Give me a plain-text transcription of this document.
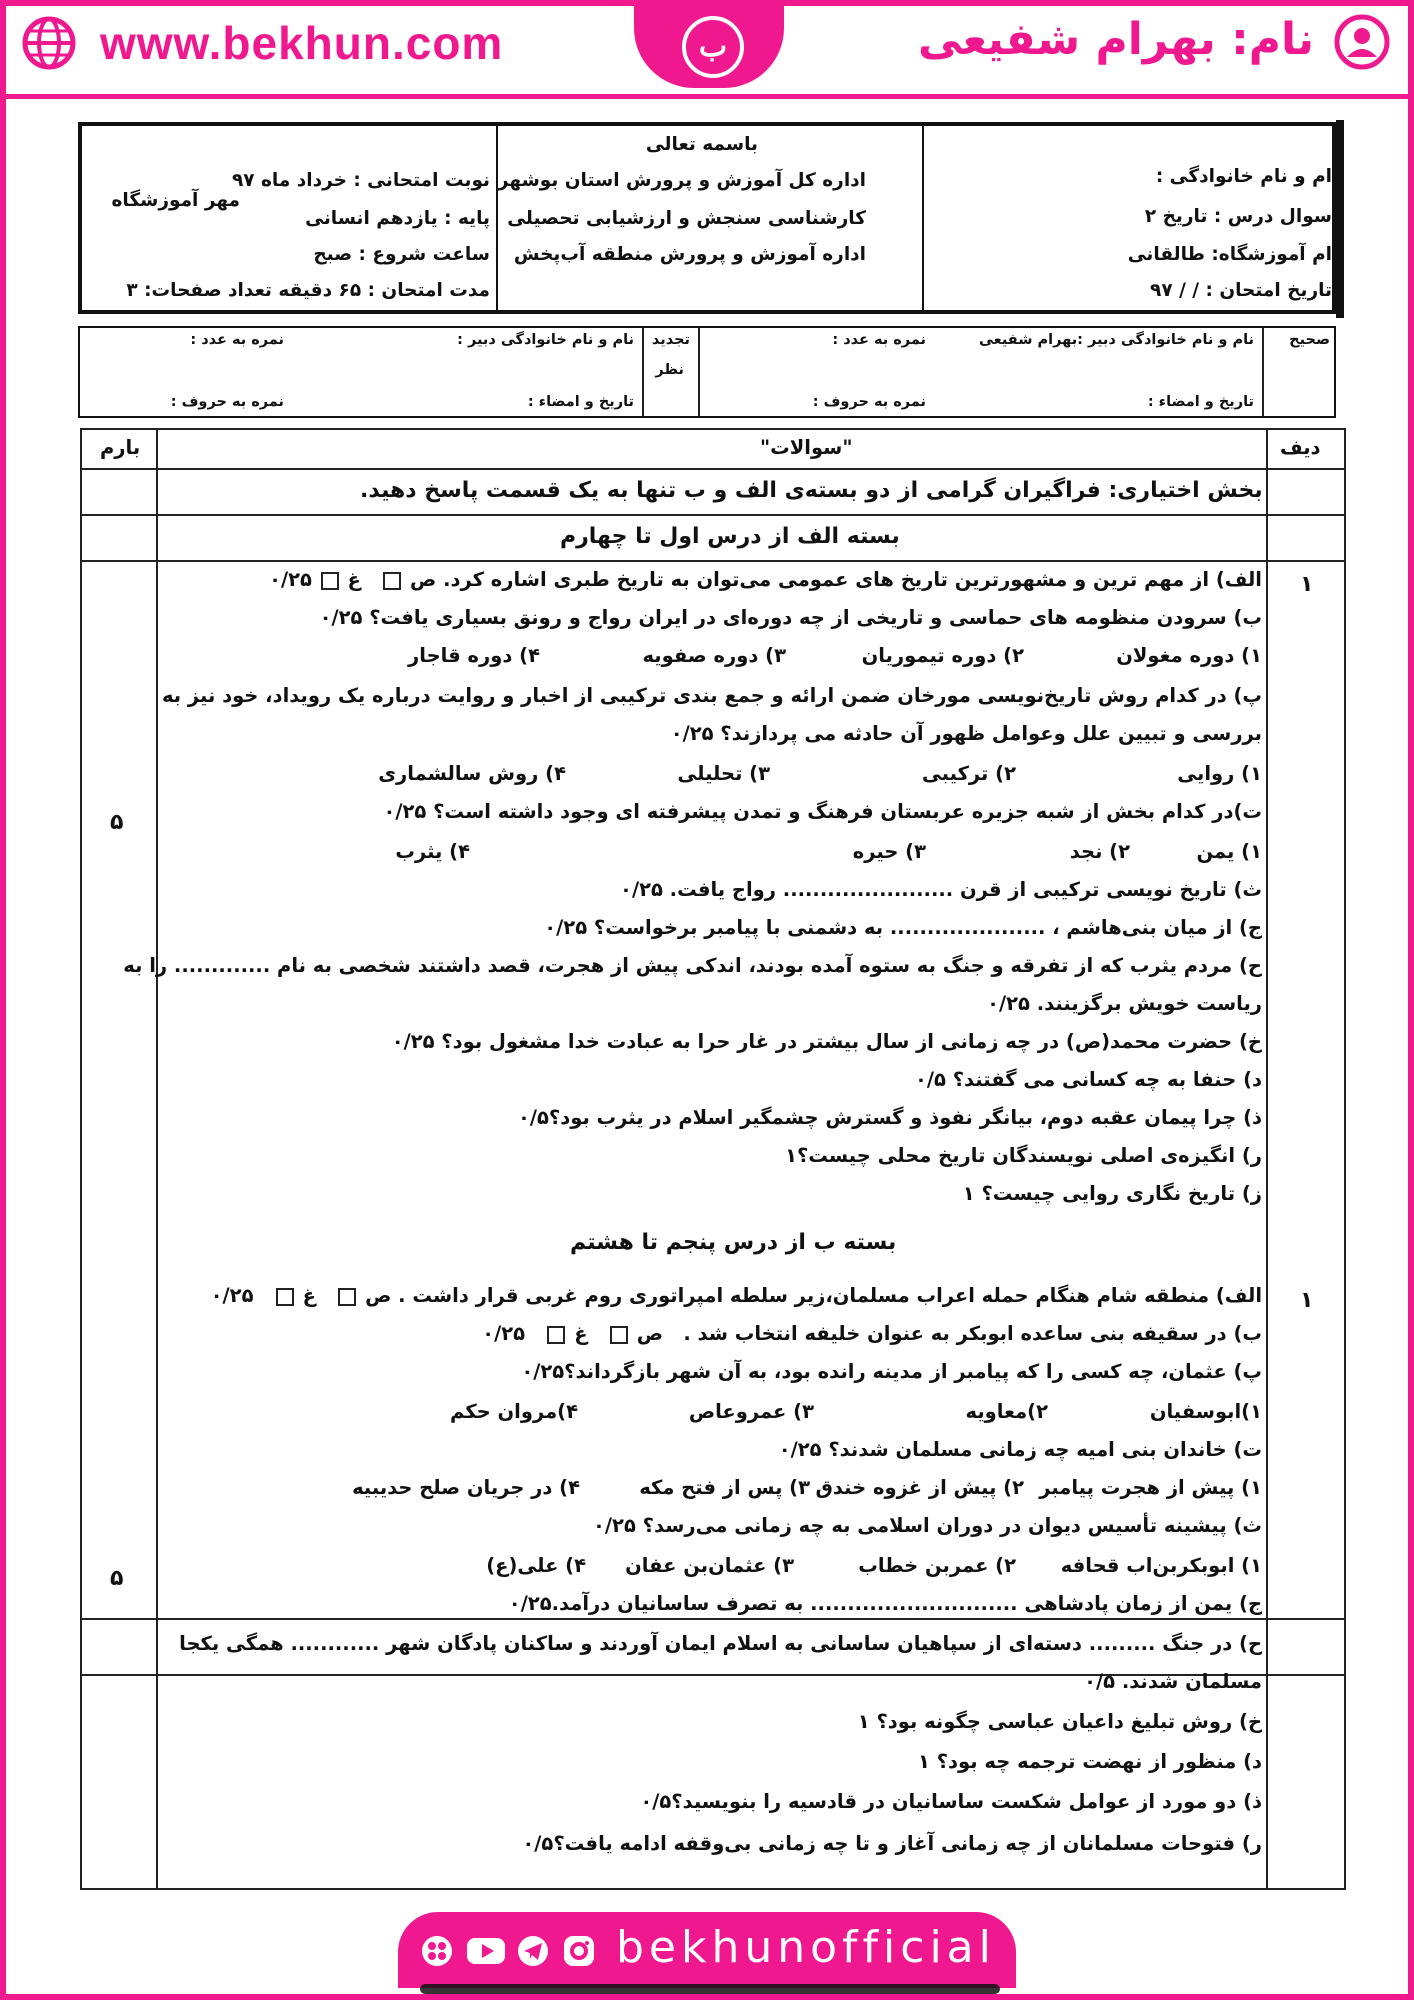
www.bekhun.com	ب	نام: بهرام شفیعی
ام و نام خانوادگی :
سوال درس : تاریخ ۲
ام آموزشگاه: طالقانی
تاریخ امتحان : / / ۹۷
باسمه تعالی
اداره کل آموزش و پرورش استان بوشهر
کارشناسی سنجش و ارزشیابی تحصیلی
اداره آموزش و پرورش منطقه آب‌پخش
نوبت امتحانی : خرداد ماه ۹۷
پایه : یازدهم انسانی
ساعت شروع : صبح
مدت امتحان : ۶۵ دقیقه تعداد صفحات: ۳
مهر آموزشگاه
صحیح
نام و نام خانوادگی دبیر :بهرام شفیعی
نمره به عدد :
تاریخ و امضاء :
نمره به حروف :
تجدید
نظر
نام و نام خانوادگی دبیر :
نمره به عدد :
تاریخ و امضاء :
نمره به حروف :
بارم	"سوالات"	دیف
بخش اختیاری: فراگیران گرامی از دو بسته‌ی الف و ب تنها به یک قسمت پاسخ دهید.
بسته الف از درس اول تا چهارم
۱
۵
الف) از مهم ترین و مشهورترین تاریخ های عمومی می‌توان به تاریخ طبری اشاره کرد. ص    غ  ۰/۲۵
ب) سرودن منظومه های حماسی و تاریخی از چه دوره‌ای در ایران رواج و رونق بسیاری یافت؟ ۰/۲۵
۱) دوره مغولان
۲) دوره تیموریان
۳) دوره صفویه
۴) دوره قاجار
پ) در کدام روش تاریخ‌نویسی مورخان ضمن ارائه و جمع بندی ترکیبی از اخبار و روایت درباره یک رویداد، خود نیز به
بررسی و تبیین علل وعوامل ظهور آن حادثه می پردازند؟ ۰/۲۵
۱) روایی
۲) ترکیبی
۳) تحلیلی
۴) روش سالشماری
ت)در کدام بخش از شبه جزیره عربستان فرهنگ و تمدن پیشرفته ای وجود داشته است؟ ۰/۲۵
۱) یمن
۲) نجد
۳) حیره
۴) یثرب
ث) تاریخ نویسی ترکیبی از قرن ....................... رواج یافت. ۰/۲۵
ج) از میان بنی‌هاشم ، ..................... به دشمنی با پیامبر برخواست؟ ۰/۲۵
ح) مردم یثرب که از تفرقه و جنگ به ستوه آمده بودند، اندکی پیش از هجرت، قصد داشتند شخصی به نام ............. را به
ریاست خویش برگزینند. ۰/۲۵
خ) حضرت محمد(ص) در چه زمانی از سال بیشتر در غار حرا به عبادت خدا مشغول بود؟ ۰/۲۵
د) حنفا به چه کسانی می گفتند؟ ۰/۵
ذ) چرا پیمان عقبه دوم، بیانگر نفوذ و گسترش چشمگیر اسلام در یثرب بود؟۰/۵
ر) انگیزه‌ی اصلی نویسندگان تاریخ محلی چیست؟۱
ز) تاریخ نگاری روایی چیست؟ ۱
بسته ب از درس پنجم تا هشتم
۱
۵
الف) منطقه شام هنگام حمله اعراب مسلمان،زیر سلطه امپراتوری روم غربی قرار داشت . ص    غ    ۰/۲۵
ب) در سقیفه بنی ساعده ابوبکر به عنوان خلیفه انتخاب شد .   ص    غ    ۰/۲۵
پ) عثمان، چه کسی را که پیامبر از مدینه رانده بود، به آن شهر بازگرداند؟۰/۲۵
۱)ابوسفیان
۲)معاویه
۳) عمروعاص
۴)مروان حکم
ت) خاندان بنی امیه چه زمانی مسلمان شدند؟ ۰/۲۵
۱) پیش از هجرت پیامبر
۲) پیش از غزوه خندق
۳) پس از فتح مکه
۴) در جریان صلح حدیبیه
ث) پیشینه تأسیس دیوان در دوران اسلامی به چه زمانی می‌رسد؟ ۰/۲۵
۱) ابوبکربن‌اب قحافه
۲) عمربن خطاب
۳) عثمان‌بن عفان
۴) علی(ع)
ج) یمن از زمان پادشاهی ............................ به تصرف ساسانیان درآمد.۰/۲۵
ح) در جنگ ......... دسته‌ای از سپاهیان ساسانی به اسلام ایمان آوردند و ساکنان پادگان شهر ............ همگی یکجا
مسلمان شدند. ۰/۵
خ) روش تبلیغ داعیان عباسی چگونه بود؟ ۱
د) منظور از نهضت ترجمه چه بود؟ ۱
ذ) دو مورد از عوامل شکست ساسانیان در قادسیه را بنویسید؟۰/۵
ر) فتوحات مسلمانان از چه زمانی آغاز و تا چه زمانی بی‌وقفه ادامه یافت؟۰/۵
bekhunofficial
